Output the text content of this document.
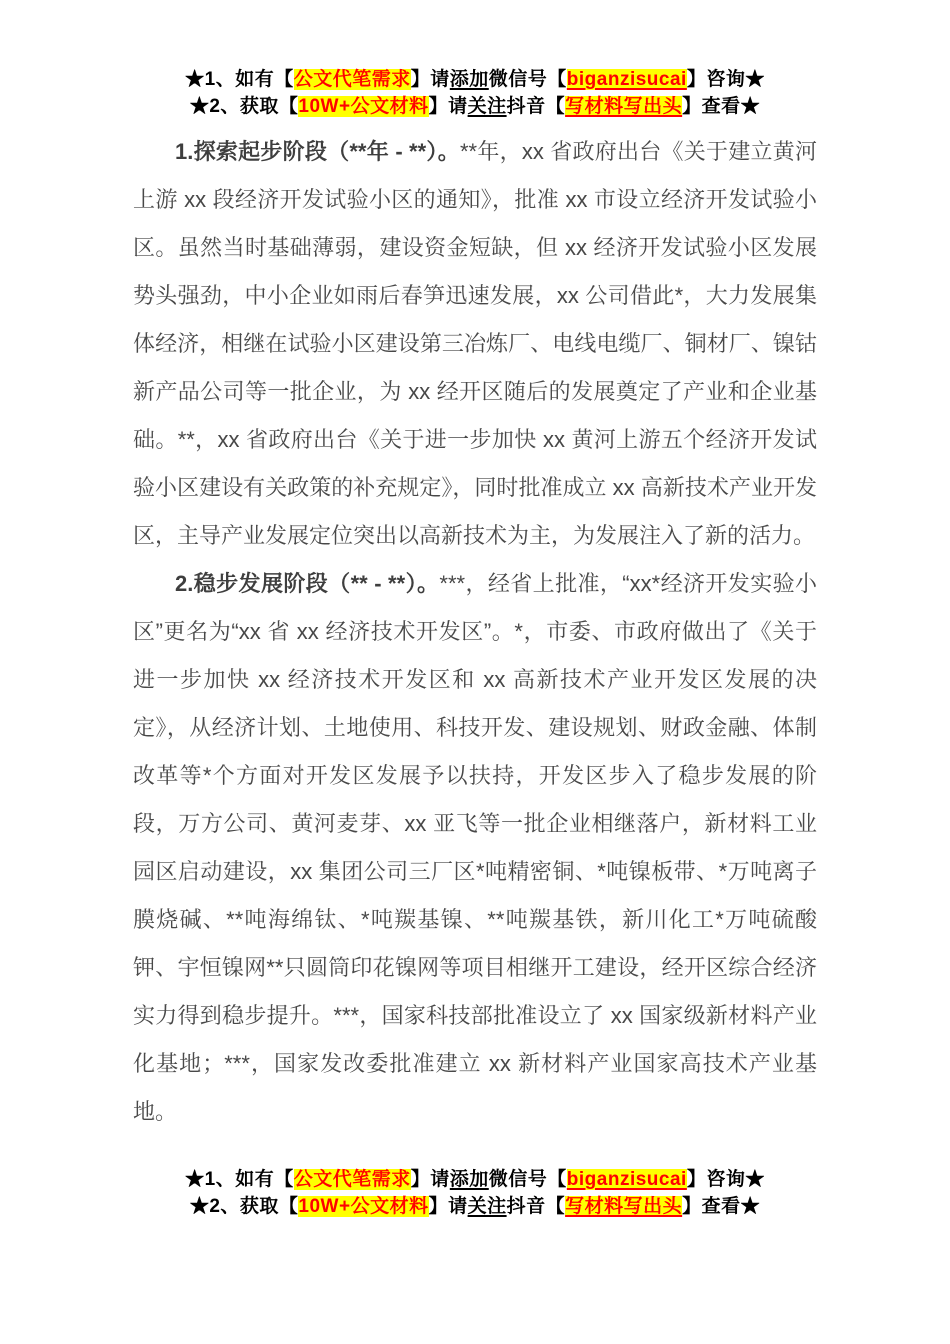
★1、如有【公文代笔需求】请添加微信号【biganzisucai】咨询★

★2、获取【10W+公文材料】请关注抖音【写材料写出头】查看★

1.探索起步阶段（**年 - **）。**年，xx 省政府出台《关于建立黄河上游 xx 段经济开发试验小区的通知》，批准 xx 市设立经济开发试验小区。虽然当时基础薄弱，建设资金短缺，但 xx 经济开发试验小区发展势头强劲，中小企业如雨后春笋迅速发展，xx 公司借此*，大力发展集体经济，相继在试验小区建设第三冶炼厂、电线电缆厂、铜材厂、镍钴新产品公司等一批企业，为 xx 经开区随后的发展奠定了产业和企业基础。**，xx 省政府出台《关于进一步加快 xx 黄河上游五个经济开发试验小区建设有关政策的补充规定》，同时批准成立 xx 高新技术产业开发区，主导产业发展定位突出以高新技术为主，为发展注入了新的活力。

2.稳步发展阶段（** - **）。***，经省上批准，“xx*经济开发实验小区”更名为“xx 省 xx 经济技术开发区”。*，市委、市政府做出了《关于进一步加快 xx 经济技术开发区和 xx 高新技术产业开发区发展的决定》，从经济计划、土地使用、科技开发、建设规划、财政金融、体制改革等*个方面对开发区发展予以扶持，开发区步入了稳步发展的阶段，万方公司、黄河麦芽、xx 亚飞等一批企业相继落户，新材料工业园区启动建设，xx 集团公司三厂区*吨精密铜、*吨镍板带、*万吨离子膜烧碱、**吨海绵钛、*吨羰基镍、**吨羰基铁，新川化工*万吨硫酸钾、宇恒镍网**只圆筒印花镍网等项目相继开工建设，经开区综合经济实力得到稳步提升。***，国家科技部批准设立了 xx 国家级新材料产业化基地；***，国家发改委批准建立 xx 新材料产业国家高技术产业基地。

★1、如有【公文代笔需求】请添加微信号【biganzisucai】咨询★

★2、获取【10W+公文材料】请关注抖音【写材料写出头】查看★
